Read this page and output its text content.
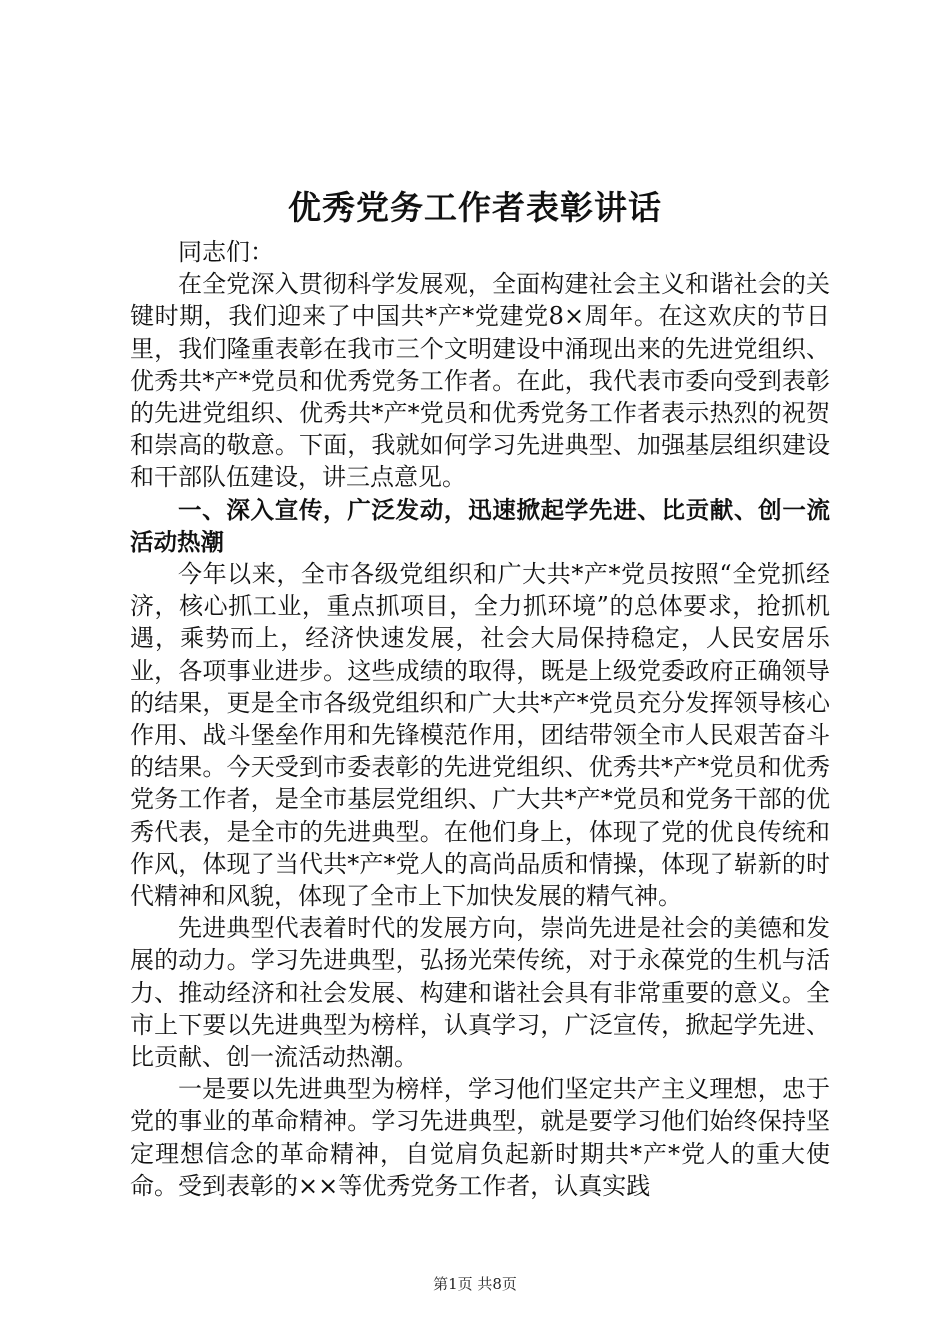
优秀党务工作者表彰讲话

同志们：

在全党深入贯彻科学发展观，全面构建社会主义和谐社会的关键时期，我们迎来了中国共*产*党建党8×周年。在这欢庆的节日里，我们隆重表彰在我市三个文明建设中涌现出来的先进党组织、优秀共*产*党员和优秀党务工作者。在此，我代表市委向受到表彰的先进党组织、优秀共*产*党员和优秀党务工作者表示热烈的祝贺和崇高的敬意。下面，我就如何学习先进典型、加强基层组织建设和干部队伍建设，讲三点意见。

一、深入宣传，广泛发动，迅速掀起学先进、比贡献、创一流活动热潮

今年以来，全市各级党组织和广大共*产*党员按照“全党抓经济，核心抓工业，重点抓项目，全力抓环境”的总体要求，抢抓机遇，乘势而上，经济快速发展，社会大局保持稳定，人民安居乐业，各项事业进步。这些成绩的取得，既是上级党委政府正确领导的结果，更是全市各级党组织和广大共*产*党员充分发挥领导核心作用、战斗堡垒作用和先锋模范作用，团结带领全市人民艰苦奋斗的结果。今天受到市委表彰的先进党组织、优秀共*产*党员和优秀党务工作者，是全市基层党组织、广大共*产*党员和党务干部的优秀代表，是全市的先进典型。在他们身上，体现了党的优良传统和作风，体现了当代共*产*党人的高尚品质和情操，体现了崭新的时代精神和风貌，体现了全市上下加快发展的精气神。

先进典型代表着时代的发展方向，崇尚先进是社会的美德和发展的动力。学习先进典型，弘扬光荣传统，对于永葆党的生机与活力、推动经济和社会发展、构建和谐社会具有非常重要的意义。全市上下要以先进典型为榜样，认真学习，广泛宣传，掀起学先进、比贡献、创一流活动热潮。

一是要以先进典型为榜样，学习他们坚定共产主义理想，忠于党的事业的革命精神。学习先进典型，就是要学习他们始终保持坚定理想信念的革命精神，自觉肩负起新时期共*产*党人的重大使命。受到表彰的××等优秀党务工作者，认真实践

第1页 共8页
